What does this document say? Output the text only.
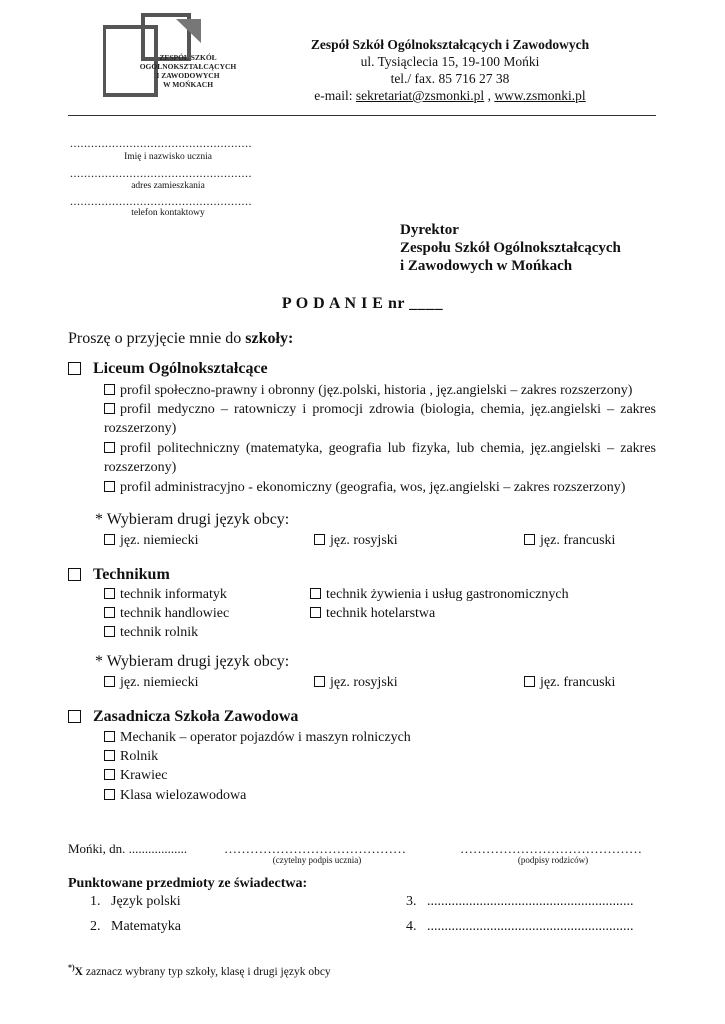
ZESPÓŁ SZKÓŁ
OGÓLNOKSZTAŁCĄCYCH
I ZAWODOWYCH
W MOŃKACH
Zespół Szkół Ogólnokształcących i Zawodowych
ul. Tysiąclecia 15, 19-100 Mońki
tel./ fax. 85 716 27 38
e-mail: sekretariat@zsmonki.pl , www.zsmonki.pl
....................................................
Imię i nazwisko ucznia
....................................................
adres zamieszkania
....................................................
telefon kontaktowy
Dyrektor
Zespołu Szkół Ogólnokształcących
i Zawodowych w Mońkach
P O D A N I E nr ____
Proszę o przyjęcie mnie do szkoły:
Liceum Ogólnokształcące
profil społeczno-prawny i obronny (jęz.polski, historia , jęz.angielski – zakres rozszerzony)
profil medyczno – ratowniczy i promocji zdrowia (biologia, chemia, jęz.angielski – zakres rozszerzony)
profil politechniczny (matematyka, geografia lub fizyka, lub chemia, jęz.angielski – zakres rozszerzony)
profil administracyjno - ekonomiczny (geografia, wos, jęz.angielski – zakres rozszerzony)
* Wybieram drugi język obcy:
jęz. niemiecki	jęz. rosyjski	jęz. francuski
Technikum
technik informatyk
technik handlowiec
technik rolnik
technik żywienia i usług gastronomicznych
technik hotelarstwa
* Wybieram drugi język obcy:
jęz. niemiecki	jęz. rosyjski	jęz. francuski
Zasadnicza Szkoła Zawodowa
Mechanik – operator pojazdów i maszyn rolniczych
Rolnik
Krawiec
Klasa wielozawodowa
Mońki, dn. ..................	……………………………………
(czytelny podpis ucznia)
……………………………………
(podpisy rodziców)
Punktowane przedmioty ze świadectwa:
1. Język polski
2. Matematyka
3. ...........................................................
4. ...........................................................
*)X zaznacz wybrany typ szkoły, klasę i drugi język obcy
